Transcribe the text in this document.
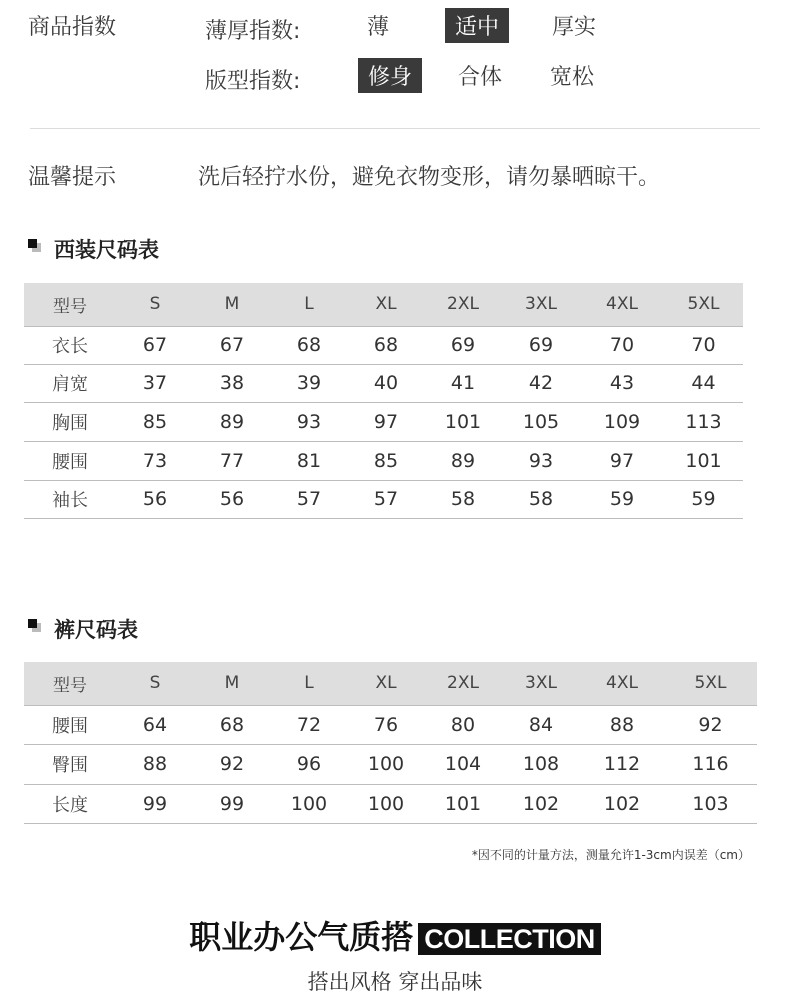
商品指数	薄厚指数:	薄	适中	厚实
版型指数:	修身	合体	宽松
温馨提示	洗后轻拧水份，避免衣物变形，请勿暴晒晾干。
西装尺码表
型号	S	M	L	XL	2XL	3XL	4XL	5XL
衣长	67	67	68	68	69	69	70	70
肩宽	37	38	39	40	41	42	43	44
胸围	85	89	93	97	101	105	109	113
腰围	73	77	81	85	89	93	97	101
袖长	56	56	57	57	58	58	59	59
裤尺码表
型号	S	M	L	XL	2XL	3XL	4XL	5XL
腰围	64	68	72	76	80	84	88	92
臀围	88	92	96	100	104	108	112	116
长度	99	99	100	100	101	102	102	103
*因不同的计量方法，测量允许1-3cm内误差（cm）
职业办公气质搭 COLLECTION
搭出风格 穿出品味
